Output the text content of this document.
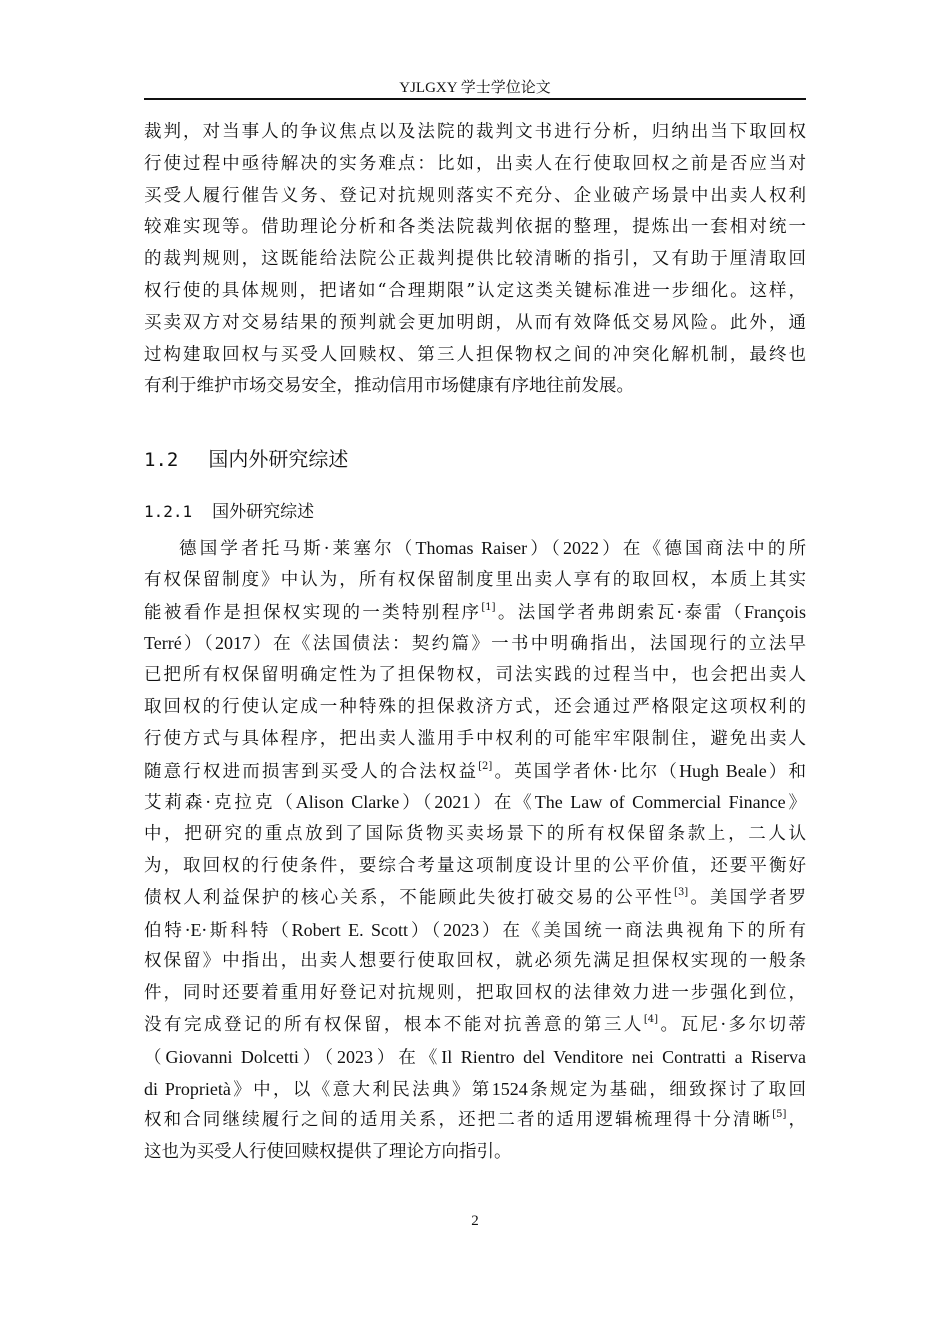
YJLGXY 学士学位论文
裁判，对当事人的争议焦点以及法院的裁判文书进行分析，归纳出当下取回权
行使过程中亟待解决的实务难点：比如，出卖人在行使取回权之前是否应当对
买受人履行催告义务、登记对抗规则落实不充分、企业破产场景中出卖人权利
较难实现等。借助理论分析和各类法院裁判依据的整理，提炼出一套相对统一
的裁判规则，这既能给法院公正裁判提供比较清晰的指引，又有助于厘清取回
权行使的具体规则，把诸如“合理期限”认定这类关键标准进一步细化。这样，
买卖双方对交易结果的预判就会更加明朗，从而有效降低交易风险。此外，通
过构建取回权与买受人回赎权、第三人担保物权之间的冲突化解机制，最终也
有利于维护市场交易安全，推动信用市场健康有序地往前发展。
1.2 国内外研究综述
1.2.1 国外研究综述
德国学者托马斯·莱塞尔（Thomas Raiser）（2022）在《德国商法中的所
有权保留制度》中认为，所有权保留制度里出卖人享有的取回权，本质上其实
能被看作是担保权实现的一类特别程序[1]。法国学者弗朗索瓦·泰雷（François
Terré）（2017）在《法国债法：契约篇》一书中明确指出，法国现行的立法早
已把所有权保留明确定性为了担保物权，司法实践的过程当中，也会把出卖人
取回权的行使认定成一种特殊的担保救济方式，还会通过严格限定这项权利的
行使方式与具体程序，把出卖人滥用手中权利的可能牢牢限制住，避免出卖人
随意行权进而损害到买受人的合法权益[2]。英国学者休·比尔（Hugh Beale）和
艾莉森·克拉克（Alison Clarke）（2021）在《The Law of Commercial Finance》
中，把研究的重点放到了国际货物买卖场景下的所有权保留条款上，二人认
为，取回权的行使条件，要综合考量这项制度设计里的公平价值，还要平衡好
债权人利益保护的核心关系，不能顾此失彼打破交易的公平性[3]。美国学者罗
伯特·E·斯科特（Robert E. Scott）（2023）在《美国统一商法典视角下的所有
权保留》中指出，出卖人想要行使取回权，就必须先满足担保权实现的一般条
件，同时还要着重用好登记对抗规则，把取回权的法律效力进一步强化到位，
没有完成登记的所有权保留，根本不能对抗善意的第三人[4]。瓦尼·多尔切蒂
（Giovanni Dolcetti）（2023）在《Il Rientro del Venditore nei Contratti a Riserva
di Proprietà》中，以《意大利民法典》第1524条规定为基础，细致探讨了取回
权和合同继续履行之间的适用关系，还把二者的适用逻辑梳理得十分清晰[5]，
这也为买受人行使回赎权提供了理论方向指引。
2
